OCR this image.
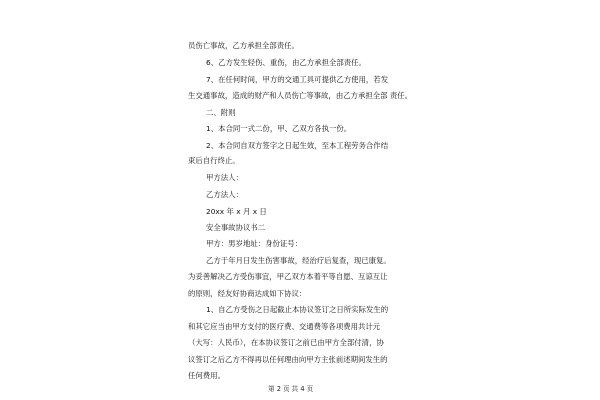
员伤亡事故，乙方承担全部责任。
6、乙方发生轻伤、重伤，由乙方承担全部责任。
7、在任何时间，甲方的交通工具可提供乙方使用，若发
生交通事故，造成的财产和人员伤亡等事故，由乙方承担全部 责任。
二、附则
1、本合同一式二份，甲、乙双方各执一份。
2、本合同自双方签字之日起生效，至本工程劳务合作结
束后自行终止。
甲方法人：
乙方法人：
20xx 年 x 月 x 日
安全事故协议书二
甲方：男岁地址：身份证号：
乙方于年月日发生伤害事故，经治疗后复查，现已康复。
为妥善解决乙方受伤事宜，甲乙双方本着平等自愿、互谅互让
的原则，经友好协商达成如下协议：
1、自乙方受伤之日起截止本协议签订之日所实际发生的
和其它应当由甲方支付的医疗费、交通费等各项费用共计元
（大写：人民币），在本协议签订之前已由甲方全部付清，协
议签订之后乙方不得再以任何理由向甲方主张前述期间发生的
任何费用。
第 2 页 共 4 页
